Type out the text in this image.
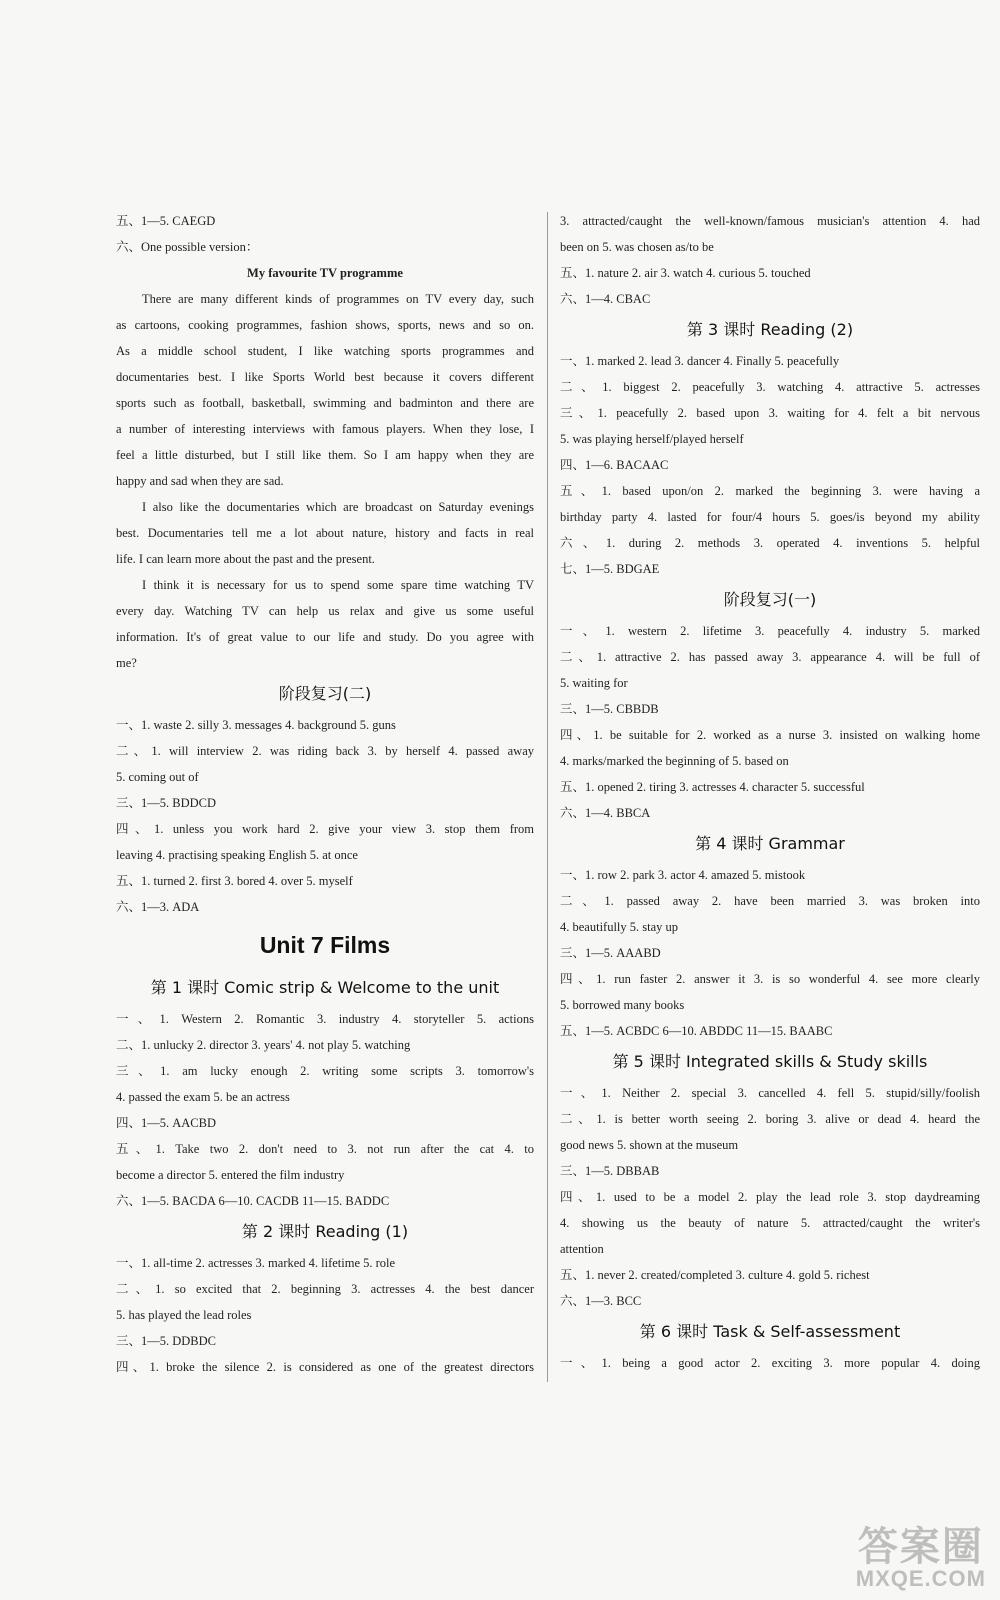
五、1—5. CAEGD
六、One possible version：
My favourite TV programme
There are many different kinds of programmes on TV every day, such
as cartoons, cooking programmes, fashion shows, sports, news and so on.
As a middle school student, I like watching sports programmes and
documentaries best. I like Sports World best because it covers different
sports such as football, basketball, swimming and badminton and there are
a number of interesting interviews with famous players. When they lose, I
feel a little disturbed, but I still like them. So I am happy when they are
happy and sad when they are sad.
I also like the documentaries which are broadcast on Saturday evenings
best. Documentaries tell me a lot about nature, history and facts in real
life. I can learn more about the past and the present.
I think it is necessary for us to spend some spare time watching TV
every day. Watching TV can help us relax and give us some useful
information. It's of great value to our life and study. Do you agree with
me?
阶段复习(二)
一、1. waste 2. silly 3. messages 4. background 5. guns
二、1. will interview 2. was riding back 3. by herself 4. passed away
5. coming out of
三、1—5. BDDCD
四、1. unless you work hard 2. give your view 3. stop them from
leaving 4. practising speaking English 5. at once
五、1. turned 2. first 3. bored 4. over 5. myself
六、1—3. ADA
Unit 7 Films
第 1 课时 Comic strip & Welcome to the unit
一、1. Western 2. Romantic 3. industry 4. storyteller 5. actions
二、1. unlucky 2. director 3. years' 4. not play 5. watching
三、1. am lucky enough 2. writing some scripts 3. tomorrow's
4. passed the exam 5. be an actress
四、1—5. AACBD
五、1. Take two 2. don't need to 3. not run after the cat 4. to
become a director 5. entered the film industry
六、1—5. BACDA 6—10. CACDB 11—15. BADDC
第 2 课时 Reading (1)
一、1. all-time 2. actresses 3. marked 4. lifetime 5. role
二、1. so excited that 2. beginning 3. actresses 4. the best dancer
5. has played the lead roles
三、1—5. DDBDC
四、1. broke the silence 2. is considered as one of the greatest directors
3. attracted/caught the well-known/famous musician's attention 4. had
been on 5. was chosen as/to be
五、1. nature 2. air 3. watch 4. curious 5. touched
六、1—4. CBAC
第 3 课时 Reading (2)
一、1. marked 2. lead 3. dancer 4. Finally 5. peacefully
二、1. biggest 2. peacefully 3. watching 4. attractive 5. actresses
三、1. peacefully 2. based upon 3. waiting for 4. felt a bit nervous
5. was playing herself/played herself
四、1—6. BACAAC
五、1. based upon/on 2. marked the beginning 3. were having a
birthday party 4. lasted for four/4 hours 5. goes/is beyond my ability
六、1. during 2. methods 3. operated 4. inventions 5. helpful
七、1—5. BDGAE
阶段复习(一)
一、1. western 2. lifetime 3. peacefully 4. industry 5. marked
二、1. attractive 2. has passed away 3. appearance 4. will be full of
5. waiting for
三、1—5. CBBDB
四、1. be suitable for 2. worked as a nurse 3. insisted on walking home
4. marks/marked the beginning of 5. based on
五、1. opened 2. tiring 3. actresses 4. character 5. successful
六、1—4. BBCA
第 4 课时 Grammar
一、1. row 2. park 3. actor 4. amazed 5. mistook
二、1. passed away 2. have been married 3. was broken into
4. beautifully 5. stay up
三、1—5. AAABD
四、1. run faster 2. answer it 3. is so wonderful 4. see more clearly
5. borrowed many books
五、1—5. ACBDC 6—10. ABDDC 11—15. BAABC
第 5 课时 Integrated skills & Study skills
一、1. Neither 2. special 3. cancelled 4. fell 5. stupid/silly/foolish
二、1. is better worth seeing 2. boring 3. alive or dead 4. heard the
good news 5. shown at the museum
三、1—5. DBBAB
四、1. used to be a model 2. play the lead role 3. stop daydreaming
4. showing us the beauty of nature 5. attracted/caught the writer's
attention
五、1. never 2. created/completed 3. culture 4. gold 5. richest
六、1—3. BCC
第 6 课时 Task & Self-assessment
一、1. being a good actor 2. exciting 3. more popular 4. doing
答案圈
MXQE.COM
